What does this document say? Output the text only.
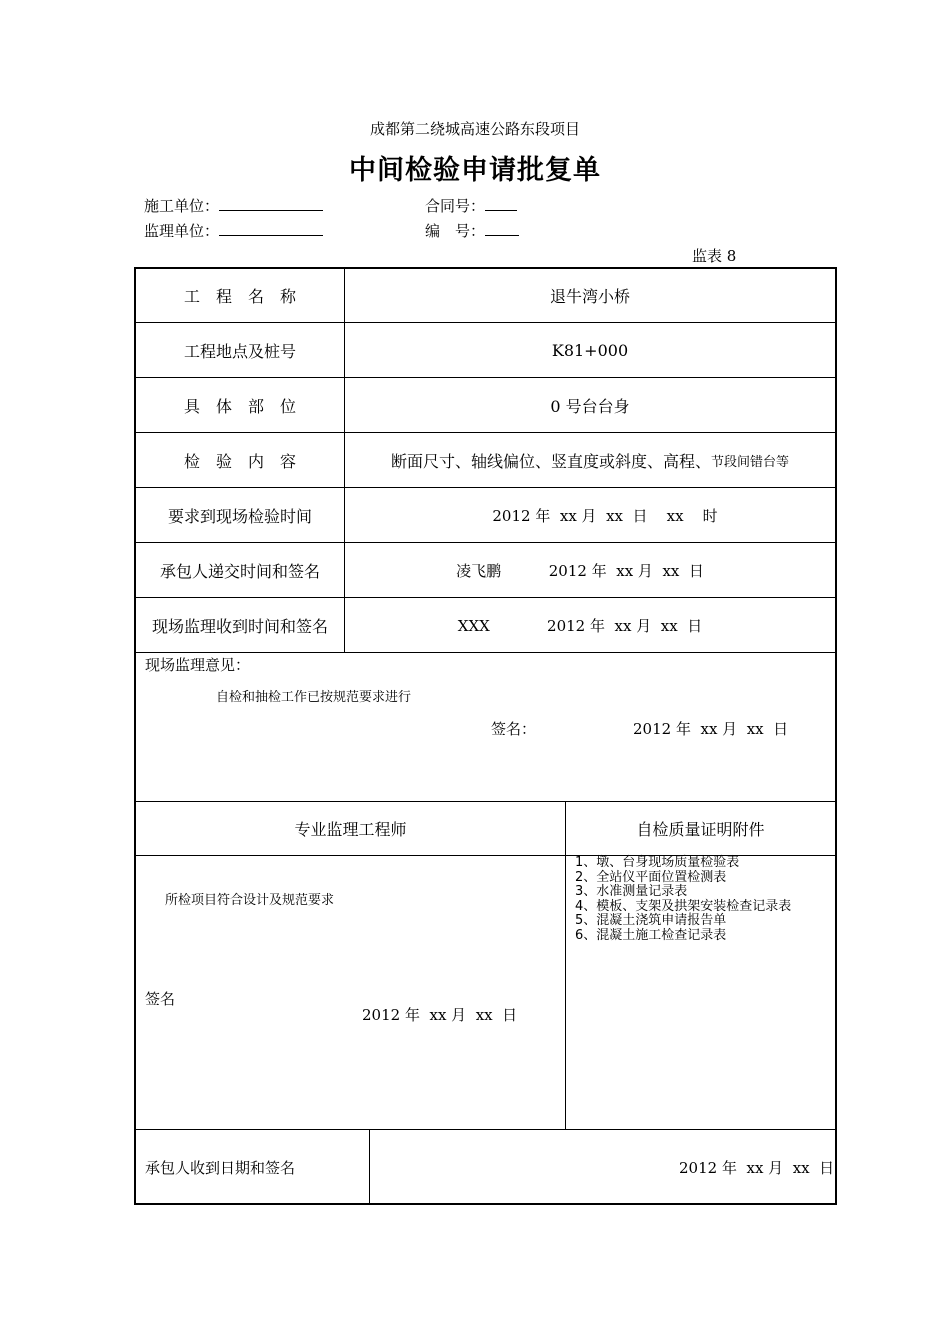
成都第二绕城高速公路东段项目
中间检验申请批复单
施工单位：	合同号：
监理单位：	编　号：
监表 8
工　程　名　称	退牛湾小桥
工程地点及桩号	K81+000
具　体　部　位	0 号台台身
检　验　内　容	断面尺寸、轴线偏位、竖直度或斜度、高程、 节段间错台等
要求到现场检验时间	2012 年  xx 月  xx  日    xx    时
承包人递交时间和签名	凌飞鹏          2012 年  xx 月  xx  日
现场监理收到时间和签名	XXX            2012 年  xx 月  xx  日
现场监理意见：
自检和抽检工作已按规范要求进行
签名：	2012 年  xx 月  xx  日
专业监理工程师	自检质量证明附件
所检项目符合设计及规范要求
签名
2012 年  xx 月  xx  日
1、墩、台身现场质量检验表
2、全站仪平面位置检测表
3、水准测量记录表
4、模板、支架及拱架安装检查记录表
5、混凝土浇筑申请报告单
6、混凝土施工检查记录表
承包人收到日期和签名	2012 年  xx 月  xx  日
